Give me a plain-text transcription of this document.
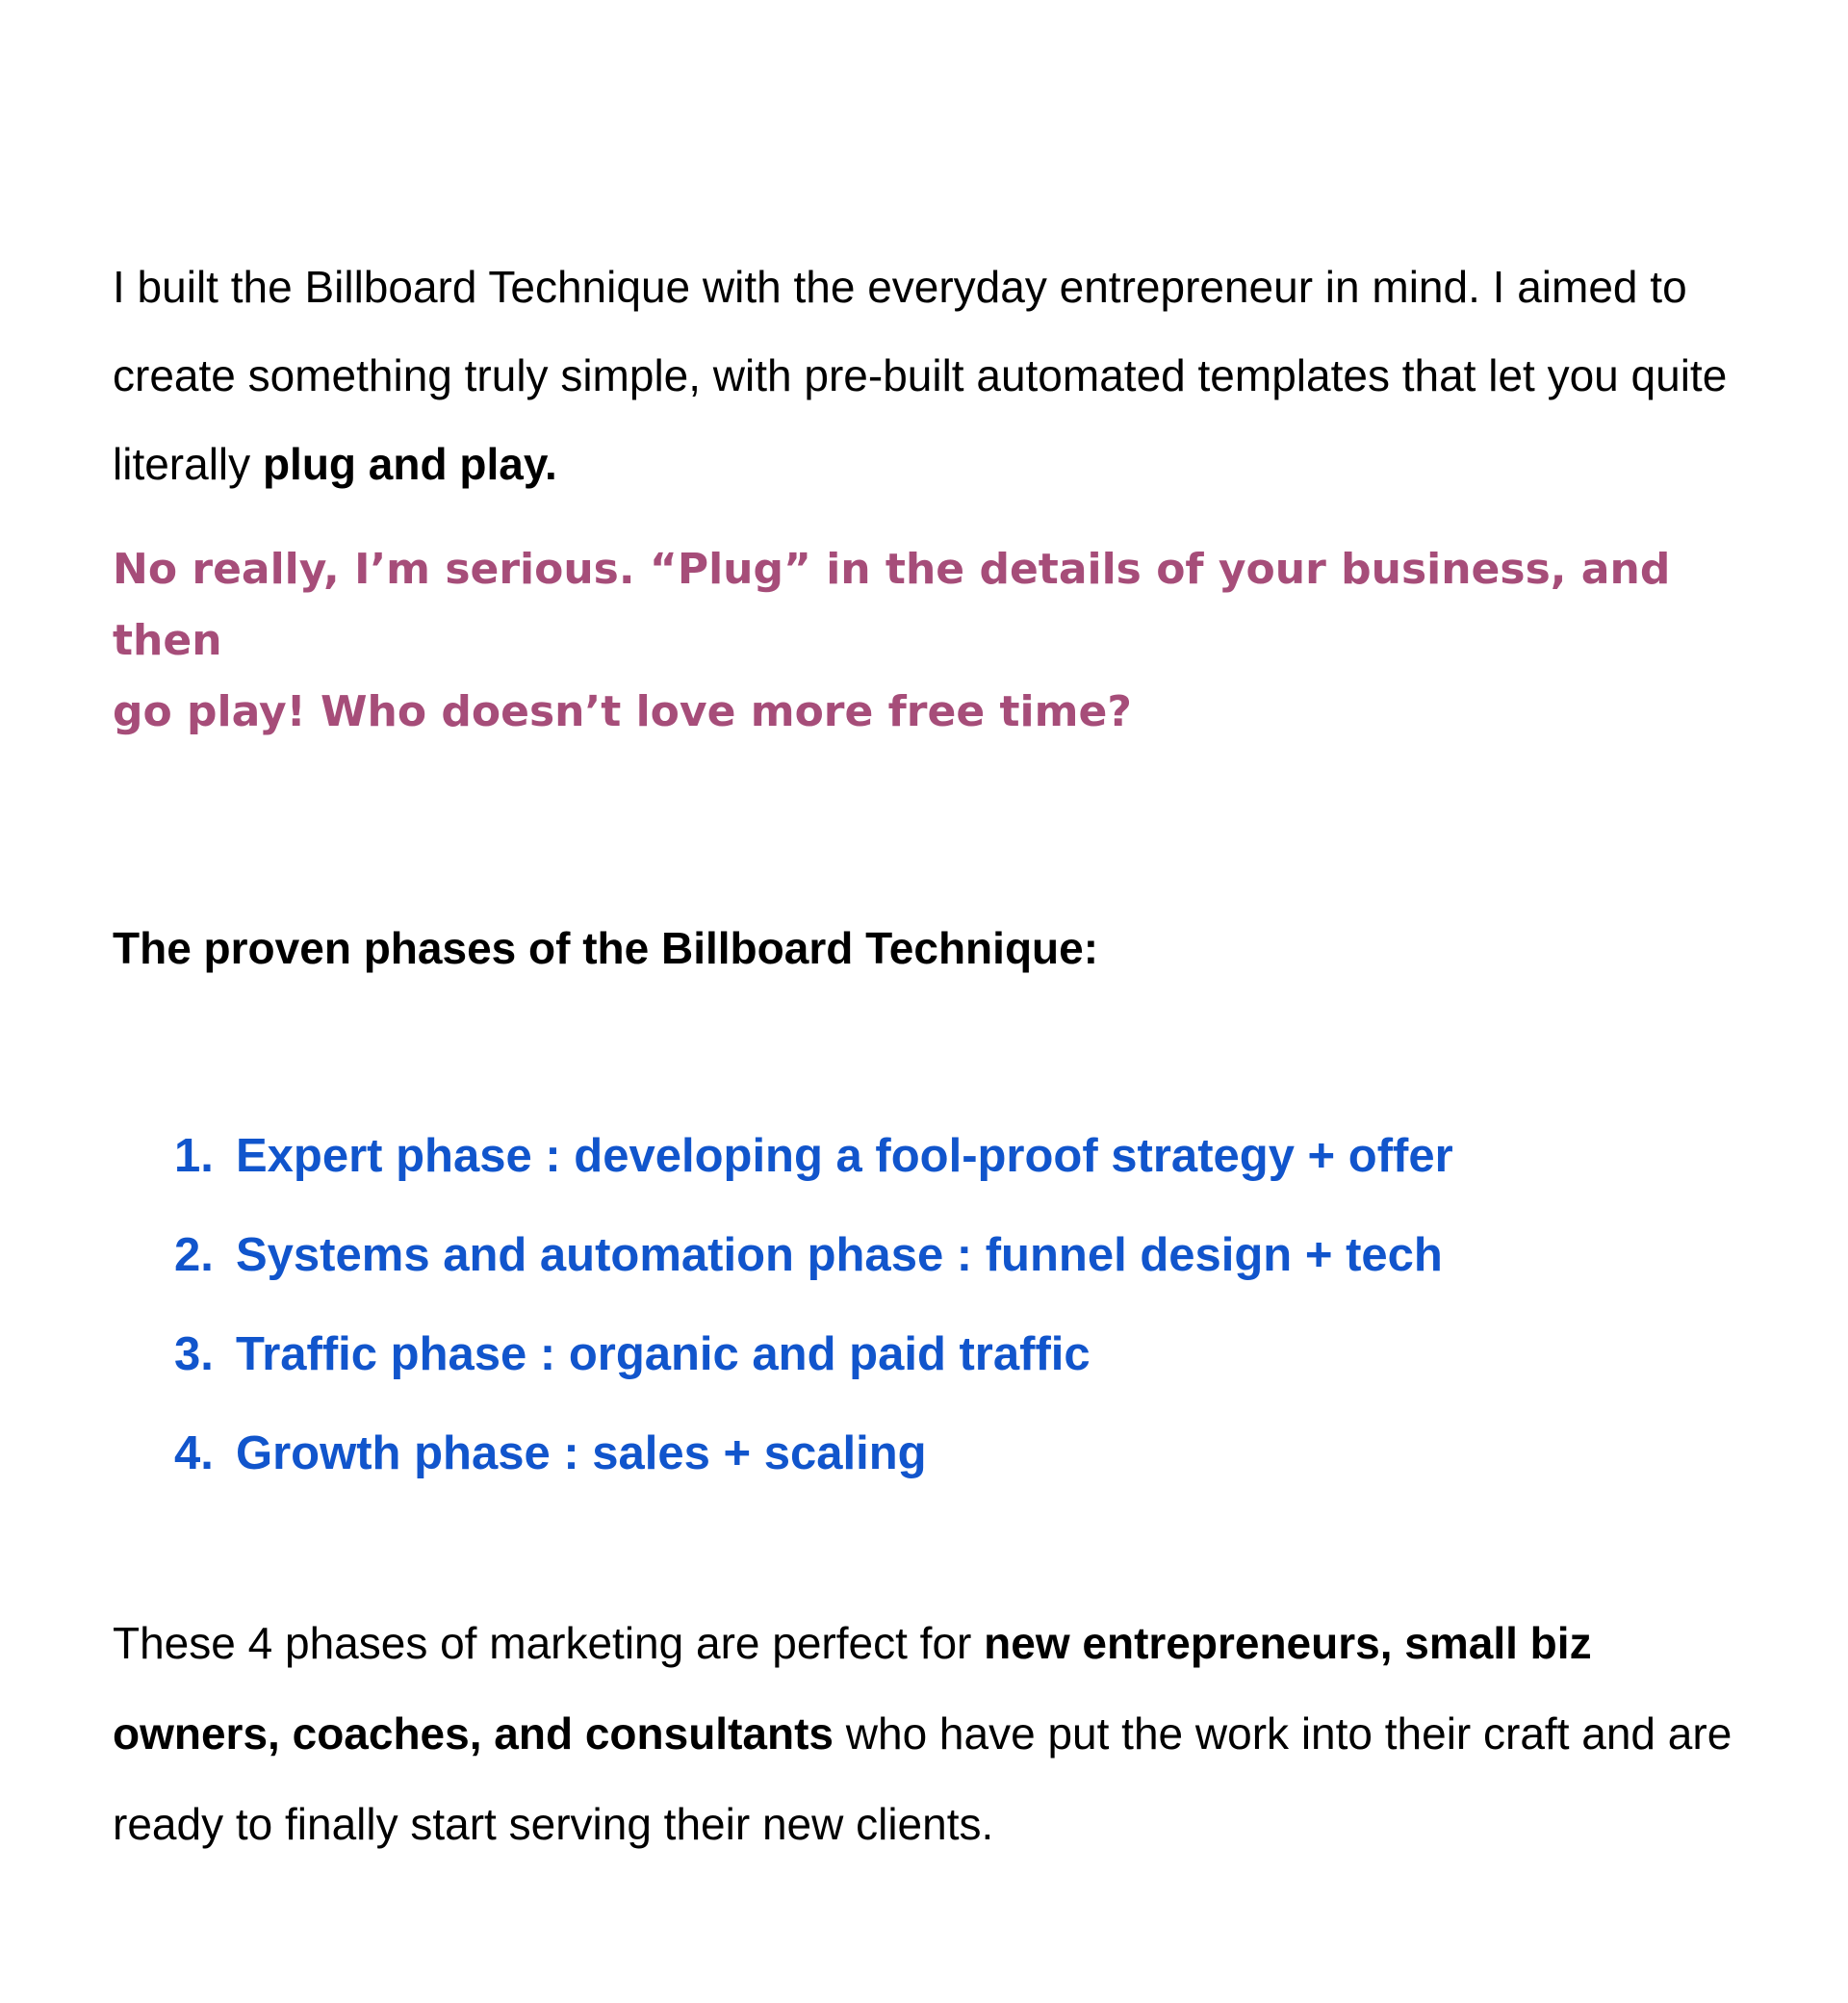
I built the Billboard Technique with the everyday entrepreneur in mind. I aimed to create something truly simple, with pre-built automated templates that let you quite literally plug and play.

No really, I’m serious. “Plug” in the details of your business, and then
go play! Who doesn’t love more free time?

The proven phases of the Billboard Technique:
1. Expert phase : developing a fool-proof strategy + offer
2. Systems and automation phase : funnel design + tech
3. Traffic phase : organic and paid traffic
4. Growth phase : sales + scaling

These 4 phases of marketing are perfect for new entrepreneurs, small biz owners, coaches, and consultants who have put the work into their craft and are ready to finally start serving their new clients.
